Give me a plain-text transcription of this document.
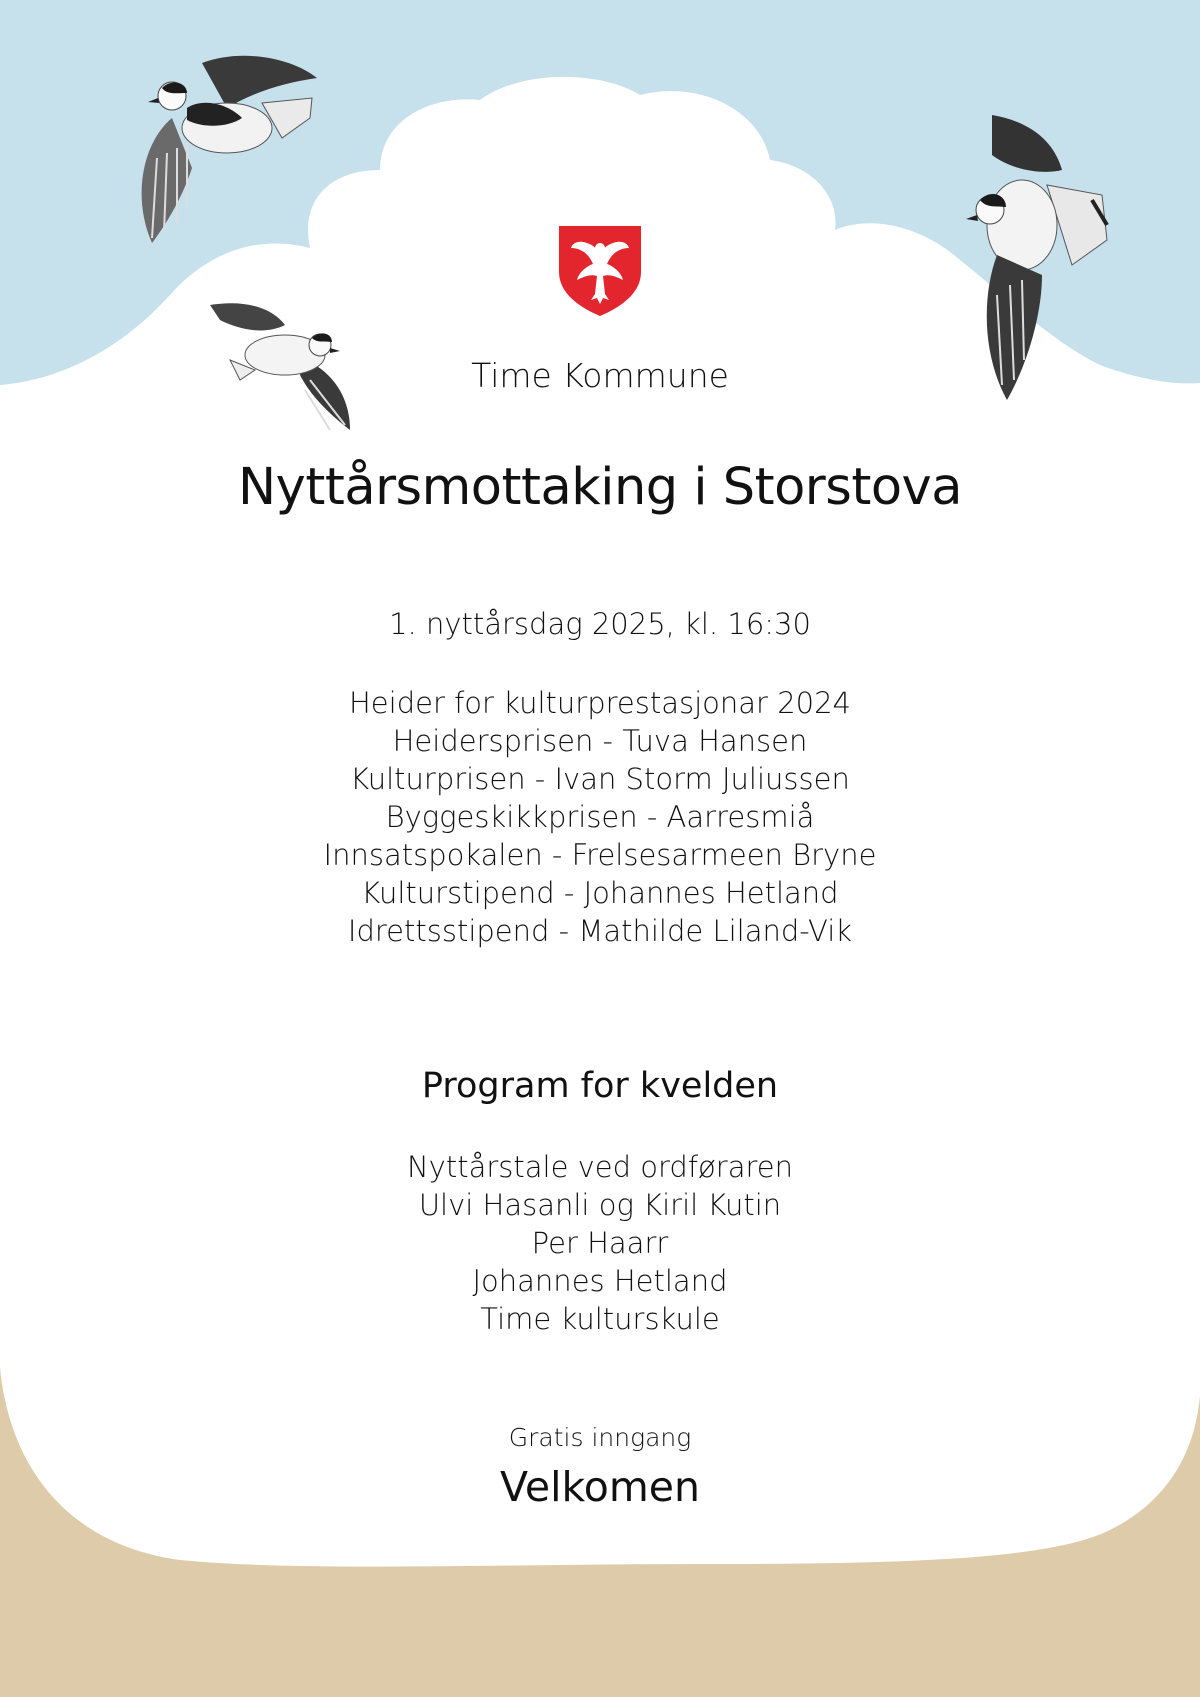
Time Kommune
Nyttårsmottaking i Storstova
1. nyttårsdag 2025, kl. 16:30
Heider for kulturprestasjonar 2024
Heidersprisen - Tuva Hansen
Kulturprisen - Ivan Storm Juliussen
Byggeskikkprisen - Aarresmiå
Innsatspokalen - Frelsesarmeen Bryne
Kulturstipend - Johannes Hetland
Idrettsstipend - Mathilde Liland-Vik
Program for kvelden
Nyttårstale ved ordføraren
Ulvi Hasanli og Kiril Kutin
Per Haarr
Johannes Hetland
Time kulturskule
Gratis inngang
Velkomen
